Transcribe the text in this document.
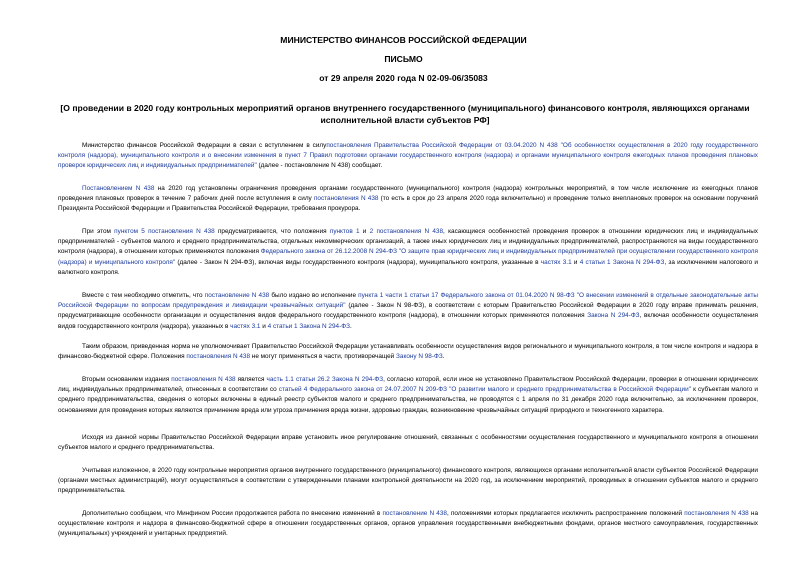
МИНИСТЕРСТВО ФИНАНСОВ РОССИЙСКОЙ ФЕДЕРАЦИИ
ПИСЬМО
от 29 апреля 2020 года N 02-09-06/35083
[О проведении в 2020 году контрольных мероприятий органов внутреннего государственного (муниципального) финансового контроля, являющихся органами исполнительной власти субъектов РФ]
Министерство финансов Российской Федерации в связи с вступлением в силупостановления Правительства Российской Федерации от 03.04.2020 N 438 "Об особенностях осуществления в 2020 году государственного контроля (надзора), муниципального контроля и о внесении изменения в пункт 7 Правил подготовки органами государственного контроля (надзора) и органами муниципального контроля ежегодных планов проведения плановых проверок юридических лиц и индивидуальных предпринимателей" (далее - постановление N 438) сообщает.
Постановлением N 438 на 2020 год установлены ограничения проведения органами государственного (муниципального) контроля (надзора) контрольных мероприятий, в том числе исключение из ежегодных планов проведения плановых проверок в течение 7 рабочих дней после вступления в силу постановления N 438 (то есть в срок до 23 апреля 2020 года включительно) и проведение только внеплановых проверок на основании поручений Президента Российской Федерации и Правительства Российской Федерации, требования прокурора.
При этом пунктом 5 постановления N 438 предусматривается, что положения пунктов 1 и 2 постановления N 438, касающиеся особенностей проведения проверок в отношении юридических лиц и индивидуальных предпринимателей - субъектов малого и среднего предпринимательства, отдельных некоммерческих организаций, а также иных юридических лиц и индивидуальных предпринимателей, распространяются на виды государственного контроля (надзора), в отношении которых применяются положения Федерального закона от 26.12.2008 N 294-ФЗ "О защите прав юридических лиц и индивидуальных предпринимателей при осуществлении государственного контроля (надзора) и муниципального контроля" (далее - Закон N 294-ФЗ), включая виды государственного контроля (надзора), муниципального контроля, указанные в частях 3.1 и 4 статьи 1 Закона N 294-ФЗ, за исключением налогового и валютного контроля.
Вместе с тем необходимо отметить, что постановление N 438 было издано во исполнение пункта 1 части 1 статьи 17 Федерального закона от 01.04.2020 N 98-ФЗ "О внесении изменений в отдельные законодательные акты Российской Федерации по вопросам предупреждения и ликвидации чрезвычайных ситуаций" (далее - Закон N 98-ФЗ), в соответствии с которым Правительство Российской Федерации в 2020 году вправе принимать решения, предусматривающие особенности организации и осуществления видов федерального государственного контроля (надзора), в отношении которых применяются положения Закона N 294-ФЗ, включая особенности осуществления видов государственного контроля (надзора), указанных в частях 3.1 и 4 статьи 1 Закона N 294-ФЗ.
Таким образом, приведенная норма не уполномочивает Правительство Российской Федерации устанавливать особенности осуществления видов регионального и муниципального контроля, в том числе контроля и надзора в финансово-бюджетной сфере. Положения постановления N 438 не могут применяться в части, противоречащей Закону N 98-ФЗ.
Вторым основанием издания постановления N 438 является часть 1.1 статьи 26.2 Закона N 294-ФЗ, согласно которой, если иное не установлено Правительством Российской Федерации, проверки в отношении юридических лиц, индивидуальных предпринимателей, отнесенных в соответствии со статьей 4 Федерального закона от 24.07.2007 N 209-ФЗ "О развитии малого и среднего предпринимательства в Российской Федерации" к субъектам малого и среднего предпринимательства, сведения о которых включены в единый реестр субъектов малого и среднего предпринимательства, не проводятся с 1 апреля по 31 декабря 2020 года включительно, за исключением проверок, основаниями для проведения которых являются причинение вреда или угроза причинения вреда жизни, здоровью граждан, возникновение чрезвычайных ситуаций природного и техногенного характера.
Исходя из данной нормы Правительство Российской Федерации вправе установить иное регулирование отношений, связанных с особенностями осуществления государственного и муниципального контроля в отношении субъектов малого и среднего предпринимательства.
Учитывая изложенное, в 2020 году контрольные мероприятия органов внутреннего государственного (муниципального) финансового контроля, являющихся органами исполнительной власти субъектов Российской Федерации (органами местных администраций), могут осуществляться в соответствии с утвержденными планами контрольной деятельности на 2020 год, за исключением мероприятий, проводимых в отношении субъектов малого и среднего предпринимательства.
Дополнительно сообщаем, что Минфином России продолжается работа по внесению изменений в постановление N 438, положениями которых предлагается исключить распространение положений постановления N 438 на осуществление контроля и надзора в финансово-бюджетной сфере в отношении государственных органов, органов управления государственными внебюджетными фондами, органов местного самоуправления, государственных (муниципальных) учреждений и унитарных предприятий.
